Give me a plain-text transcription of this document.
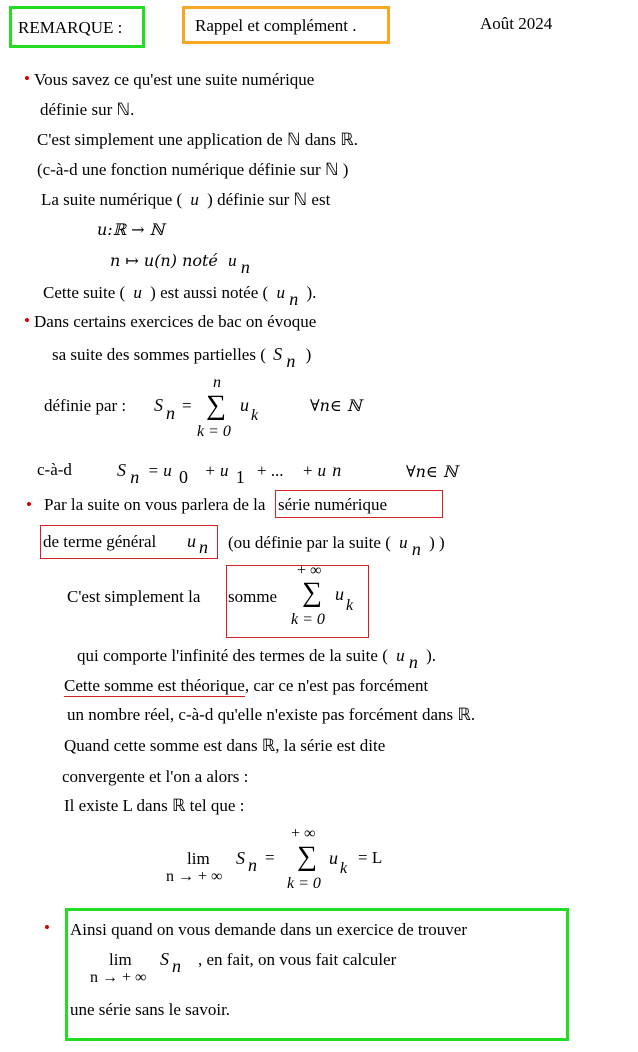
REMARQUE :	Rappel et complément .	Août 2024
• Vous savez ce qu'est une suite numérique
définie sur ℕ.
C'est simplement une application de ℕ dans ℝ.
(c-à-d une fonction numérique définie sur ℕ )
La suite numérique ( u ) définie sur ℕ est
u:ℝ → ℕ
n ↦ u(n) noté u n
Cette suite ( u ) est aussi notée ( u n ).
• Dans certains exercices de bac on évoque
sa suite des sommes partielles ( S n )
définie par : S n =
n
∑
k = 0
u
k
∀n∈ ℕ
c-à-d	S n = u 0 + u 1 + ... + u n	∀n∈ ℕ
• Par la suite on vous parlera de la série numérique
de terme général u n (ou définie par la suite ( u n ) )
C'est simplement la somme
+ ∞
∑
k = 0
u
k
qui comporte l'infinité des termes de la suite ( u n ).
Cette somme est théorique, car ce n'est pas forcément
un nombre réel, c-à-d qu'elle n'existe pas forcément dans ℝ.
Quand cette somme est dans ℝ, la série est dite
convergente et l'on a alors :
Il existe L dans ℝ tel que :
lim
n → + ∞
S n =
+ ∞
∑
k = 0
u
k
= L
• Ainsi quand on vous demande dans un exercice de trouver
lim
n → + ∞
S n , en fait, on vous fait calculer
une série sans le savoir.
